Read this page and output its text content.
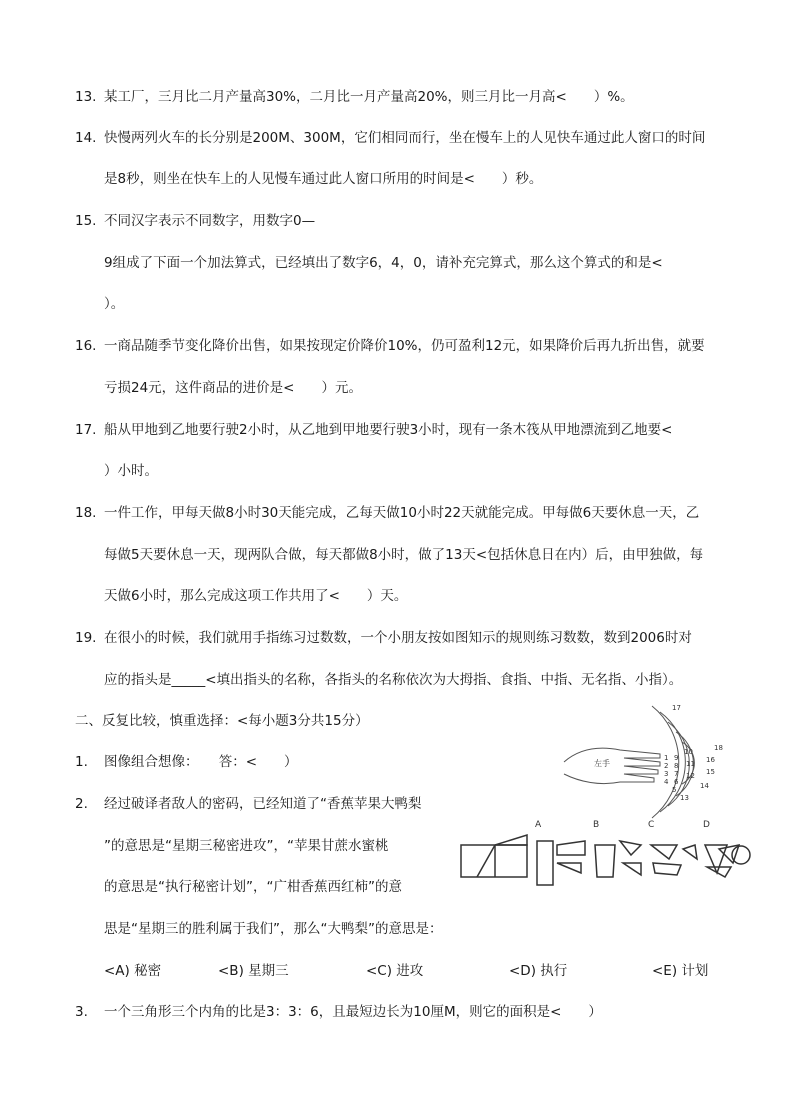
13. 某工厂，三月比二月产量高30%，二月比一月产量高20%，则三月比一月高<　　）%。
14. 快慢两列火车的长分别是200M、300M，它们相同而行，坐在慢车上的人见快车通过此人窗口的时间
是8秒，则坐在快车上的人见慢车通过此人窗口所用的时间是<　　）秒。
15. 不同汉字表示不同数字，用数字0—
9组成了下面一个加法算式，已经填出了数字6，4，0，请补充完算式，那么这个算式的和是<
）。
16. 一商品随季节变化降价出售，如果按现定价降价10%，仍可盈利12元，如果降价后再九折出售，就要
亏损24元，这件商品的进价是<　　）元。
17. 船从甲地到乙地要行驶2小时，从乙地到甲地要行驶3小时，现有一条木筏从甲地漂流到乙地要<
）小时。
18. 一件工作，甲每天做8小时30天能完成，乙每天做10小时22天就能完成。甲每做6天要休息一天，乙
每做5天要休息一天，现两队合做，每天都做8小时，做了13天<包括休息日在内）后，由甲独做，每
天做6小时，那么完成这项工作共用了<　　）天。
19. 在很小的时候，我们就用手指练习过数数，一个小朋友按如图知示的规则练习数数，数到2006时对
应的指头是_____<填出指头的名称，各指头的名称依次为大拇指、食指、中指、无名指、小指）。
二、反复比较，慎重选择：<每小题3分共15分）
1.	图像组合想像：　　答：<　　）
2.	经过破译者敌人的密码，已经知道了“香蕉苹果大鸭梨
”的意思是“星期三秘密进攻”，“苹果甘蔗水蜜桃
的意思是“执行秘密计划”，“广柑香蕉西红柿”的意
思是“星期三的胜利属于我们”，那么“大鸭梨”的意思是：
<A) 秘密	<B) 星期三	<C) 进攻	<D) 执行	<E) 计划
3.	一个三角形三个内角的比是3：3：6，且最短边长为10厘M，则它的面积是<　　）
左手
1
2
3
4
5
6
7
8
9
10
11
12
13
14
15
16
17
18
A	B	C	D
